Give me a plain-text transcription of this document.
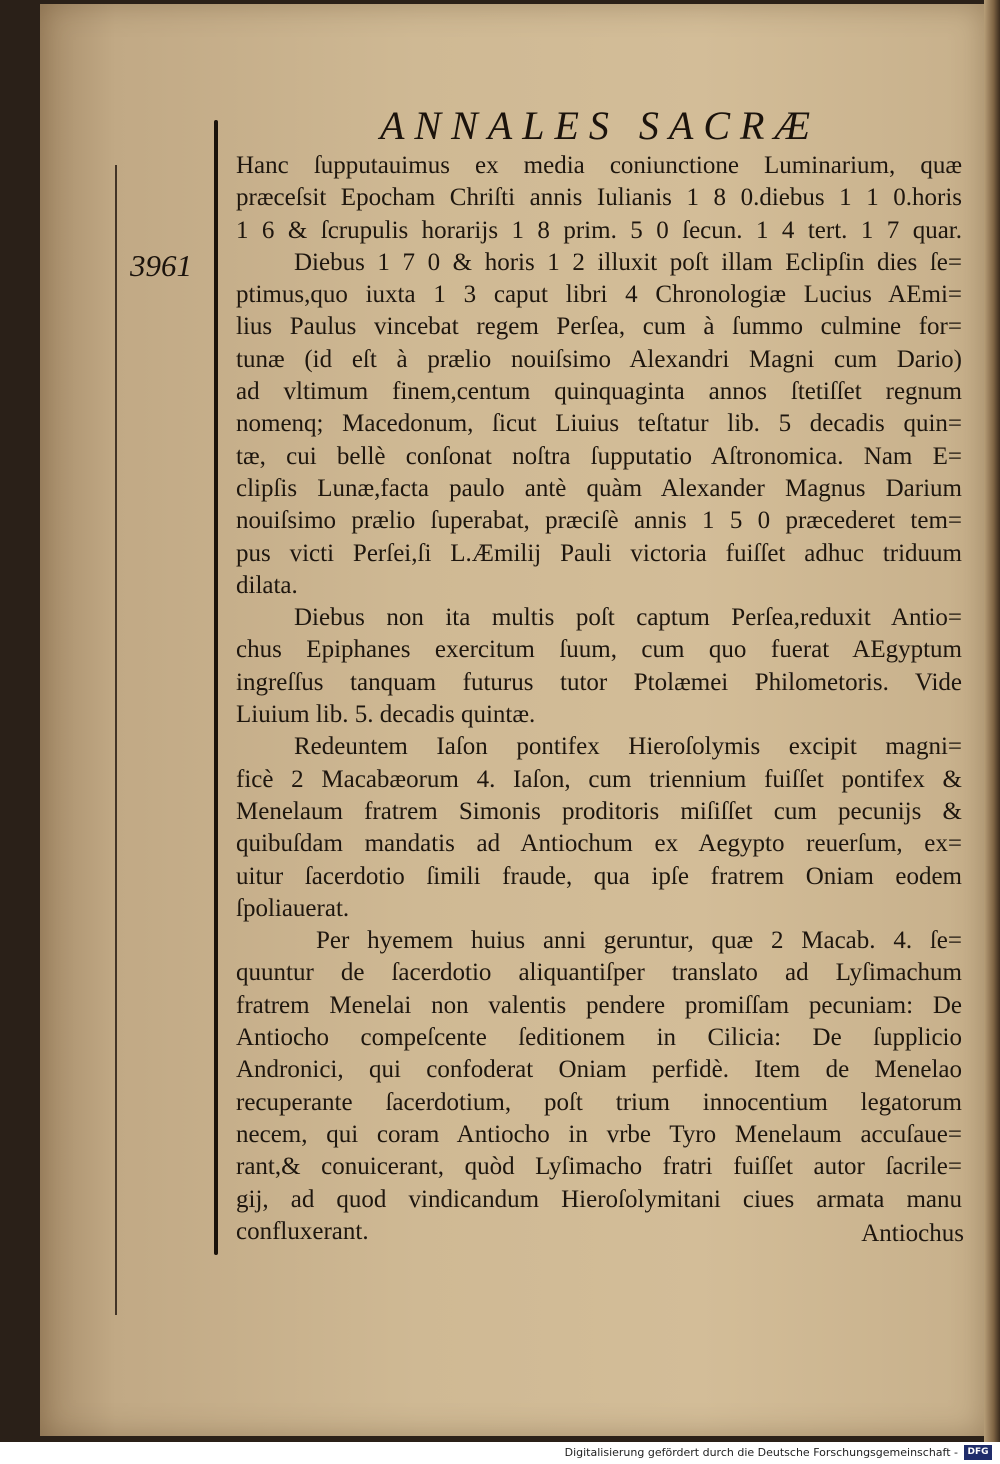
ANNALES SACRÆ
3961
Hanc ſupputauimus ex media coniunctione Luminarium, quæ
præceſsit Epocham Chriſti annis Iulianis 1 8 0.diebus 1 1 0.horis
1 6 & ſcrupulis horarijs 1 8 prim. 5 0 ſecun. 1 4 tert. 1 7 quar.
Diebus 1 7 0 & horis 1 2 illuxit poſt illam Eclipſin dies ſe=
ptimus,quo iuxta 1 3 caput libri 4 Chronologiæ Lucius AEmi=
lius Paulus vincebat regem Perſea, cum à ſummo culmine for=
tunæ (id eſt à prælio nouiſsimo Alexandri Magni cum Dario)
ad vltimum finem,centum quinquaginta annos ſtetiſſet regnum
nomenq; Macedonum, ſicut Liuius teſtatur lib. 5 decadis quin=
tæ, cui bellè conſonat noſtra ſupputatio Aſtronomica. Nam E=
clipſis Lunæ,facta paulo antè quàm Alexander Magnus Darium
nouiſsimo prælio ſuperabat, præciſè annis 1 5 0 præcederet tem=
pus victi Perſei,ſi L.Æmilij Pauli victoria fuiſſet adhuc triduum
dilata.
Diebus non ita multis poſt captum Perſea,reduxit Antio=
chus Epiphanes exercitum ſuum, cum quo fuerat AEgyptum
ingreſſus tanquam futurus tutor Ptolæmei Philometoris. Vide
Liuium lib. 5. decadis quintæ.
Redeuntem Iaſon pontifex Hieroſolymis excipit magni=
ficè 2 Macabæorum 4. Iaſon, cum triennium fuiſſet pontifex &
Menelaum fratrem Simonis proditoris miſiſſet cum pecunijs &
quibuſdam mandatis ad Antiochum ex Aegypto reuerſum, ex=
uitur ſacerdotio ſimili fraude, qua ipſe fratrem Oniam eodem
ſpoliauerat.
Per hyemem huius anni geruntur, quæ 2 Macab. 4. ſe=
quuntur de ſacerdotio aliquantiſper translato ad Lyſimachum
fratrem Menelai non valentis pendere promiſſam pecuniam: De
Antiocho compeſcente ſeditionem in Cilicia: De ſupplicio
Andronici, qui confoderat Oniam perfidè. Item de Menelao
recuperante ſacerdotium, poſt trium innocentium legatorum
necem, qui coram Antiocho in vrbe Tyro Menelaum accuſaue=
rant,& conuicerant, quòd Lyſimacho fratri fuiſſet autor ſacrile=
gij, ad quod vindicandum Hieroſolymitani ciues armata manu
confluxerant.	Antiochus
Digitalisierung gefördert durch die Deutsche Forschungsgemeinschaft -	DFG
